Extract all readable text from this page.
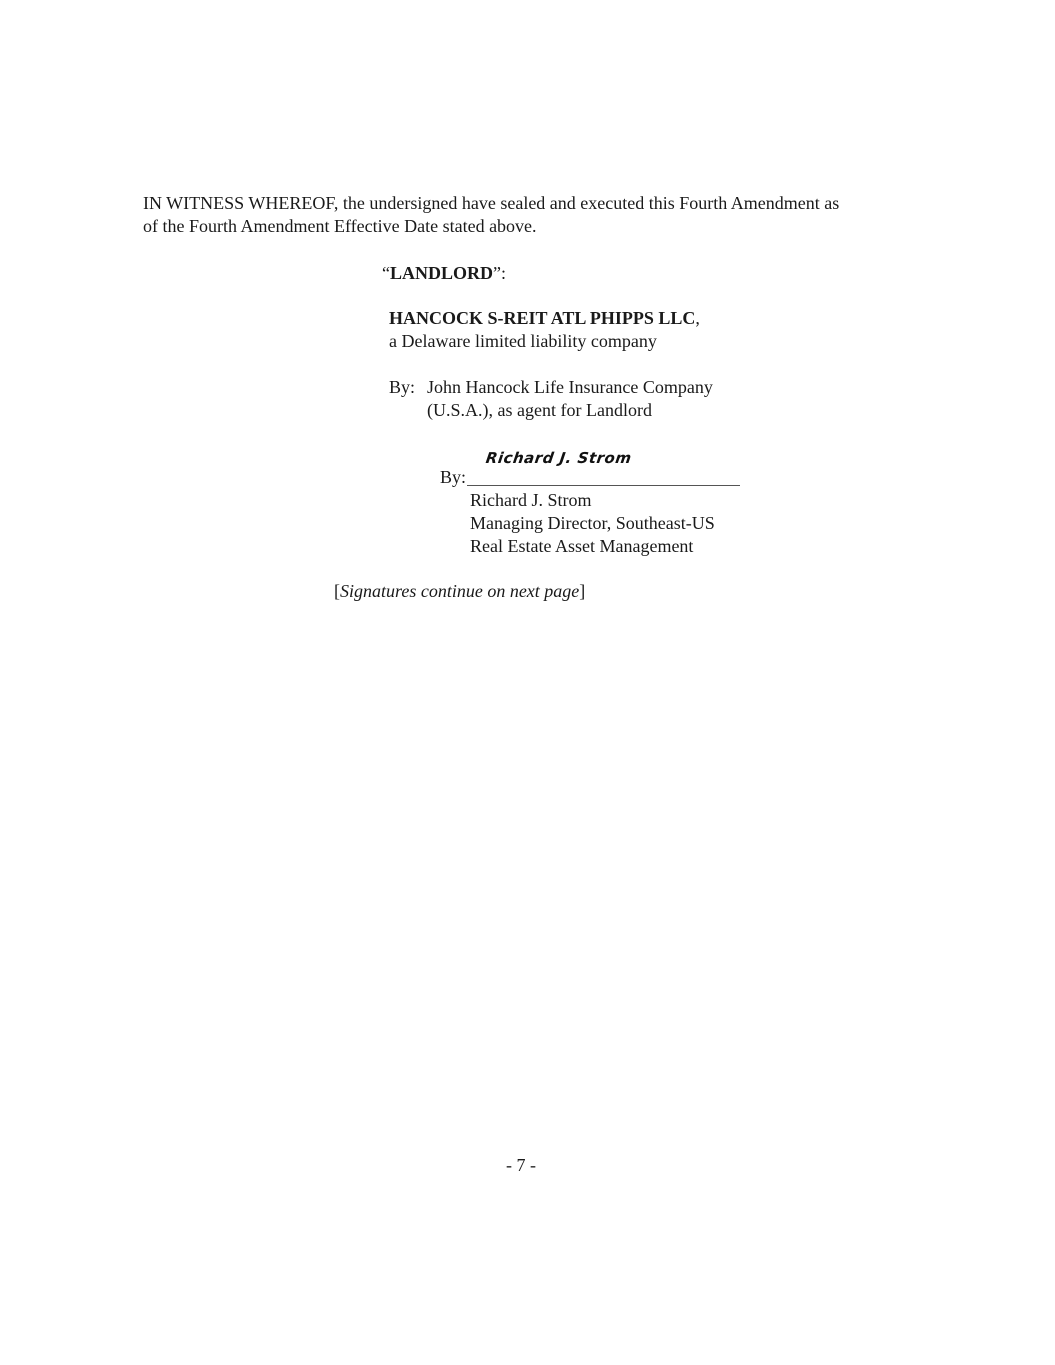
IN WITNESS WHEREOF, the undersigned have sealed and executed this Fourth Amendment as
of the Fourth Amendment Effective Date stated above.
“LANDLORD”:
HANCOCK S-REIT ATL PHIPPS LLC,
a Delaware limited liability company
By: John Hancock Life Insurance Company
(U.S.A.), as agent for Landlord
Richard J. Strom
By:
Richard J. Strom
Managing Director, Southeast-US
Real Estate Asset Management
[Signatures continue on next page]
- 7 -
